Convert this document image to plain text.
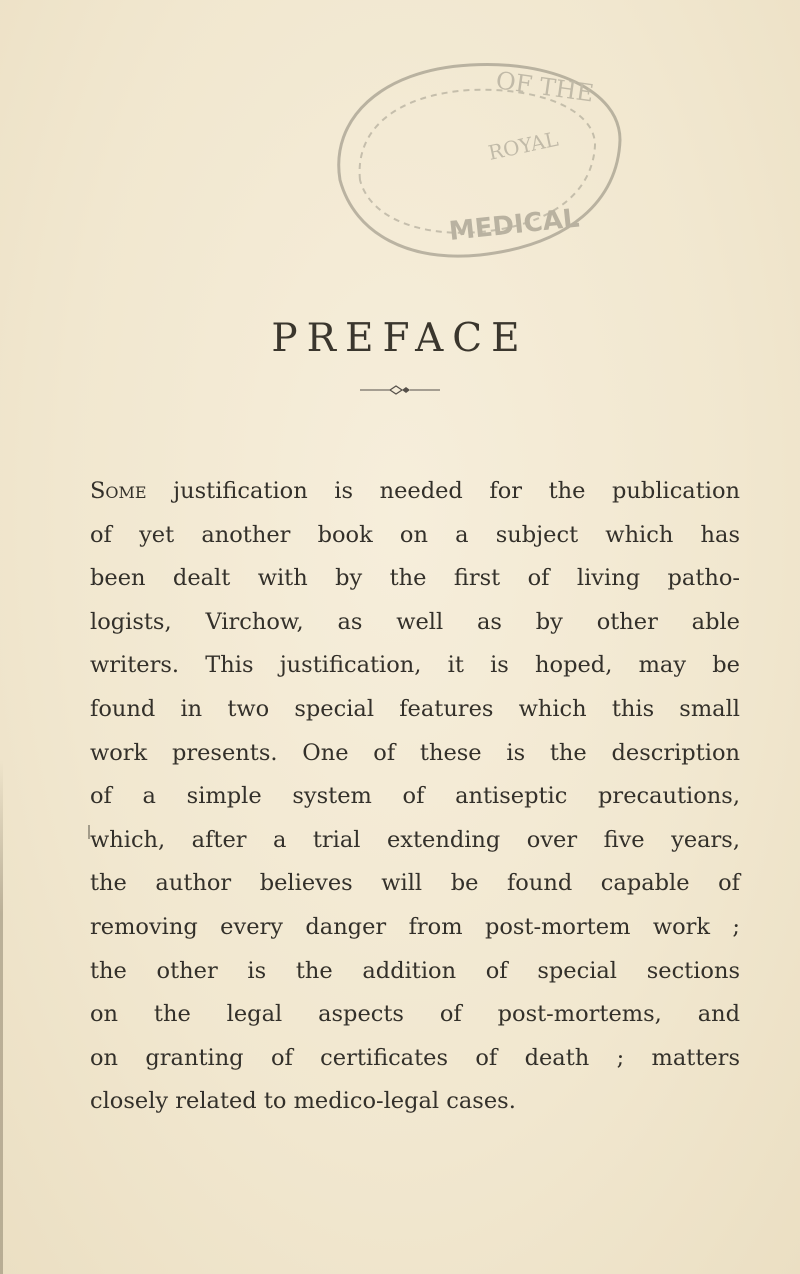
OF THE
ROYAL
MEDICAL
PREFACE
Some justification is needed for the publication
of yet another book on a subject which has
been dealt with by the first of living patho-
logists, Virchow, as well as by other able
writers. This justification, it is hoped, may be
found in two special features which this small
work presents. One of these is the description
of a simple system of antiseptic precautions,
which, after a trial extending over five years,
the author believes will be found capable of
removing every danger from post-mortem work ;
the other is the addition of special sections
on the legal aspects of post-mortems, and
on granting of certificates of death ; matters
closely related to medico-legal cases.
